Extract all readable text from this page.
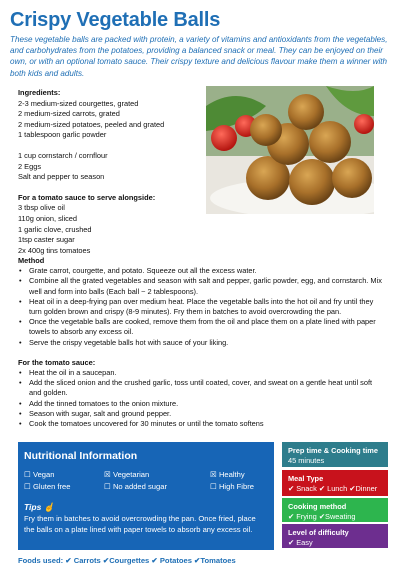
Crispy Vegetable Balls
These vegetable balls are packed with protein, a variety of vitamins and antioxidants from the vegetables, and carbohydrates from the potatoes, providing a balanced snack or meal. They can be enjoyed on their own, or with an optional tomato sauce. Their crispy texture and delicious flavour make them a winner with both kids and adults.
Ingredients:
2-3 medium-sized courgettes, grated
2 medium-sized carrots, grated
2 medium-sized potatoes, peeled and grated
1 tablespoon garlic powder
1 cup cornstarch / cornflour
2 Eggs
Salt and pepper to season
For a tomato sauce to serve alongside:
3 tbsp olive oil
110g onion, sliced
1 garlic clove, crushed
1tsp caster sugar
2x 400g tins tomatoes
Method
• Grate carrot, courgette, and potato. Squeeze out all the excess water.
• Combine all the grated vegetables and season with salt and pepper, garlic powder, egg, and cornstarch. Mix well and form into balls (Each ball ~ 2 tablespoons).
• Heat oil in a deep-frying pan over medium heat. Place the vegetable balls into the hot oil and fry until they turn golden brown and crispy (8-9 minutes). Fry them in batches to avoid overcrowding the pan.
• Once the vegetable balls are cooked, remove them from the oil and place them on a plate lined with paper towels to absorb any excess oil.
• Serve the crispy vegetable balls hot with sauce of your liking.
For the tomato sauce:
• Heat the oil in a saucepan.
• Add the sliced onion and the crushed garlic, toss until coated, cover, and sweat on a gentle heat until soft and golden.
• Add the tinned tomatoes to the onion mixture.
• Season with sugar, salt and ground pepper.
• Cook the tomatoes uncovered for 30 minutes or until the tomato softens
Nutritional Information
☐ Vegan	☒ Vegetarian	☒ Healthy
☐ Gluten free	☐ No added sugar	☐ High Fibre
Tips ☝
Fry them in batches to avoid overcrowding the pan. Once fried, place the balls on a plate lined with paper towels to absorb any excess oil.
Prep time & Cooking time
45 minutes
Meal Type
✔ Snack ✔ Lunch ✔Dinner
Cooking method
✔ Frying ✔Sweating
Level of difficulty
✔ Easy
Foods used: ✔ Carrots ✔Courgettes ✔ Potatoes ✔Tomatoes
